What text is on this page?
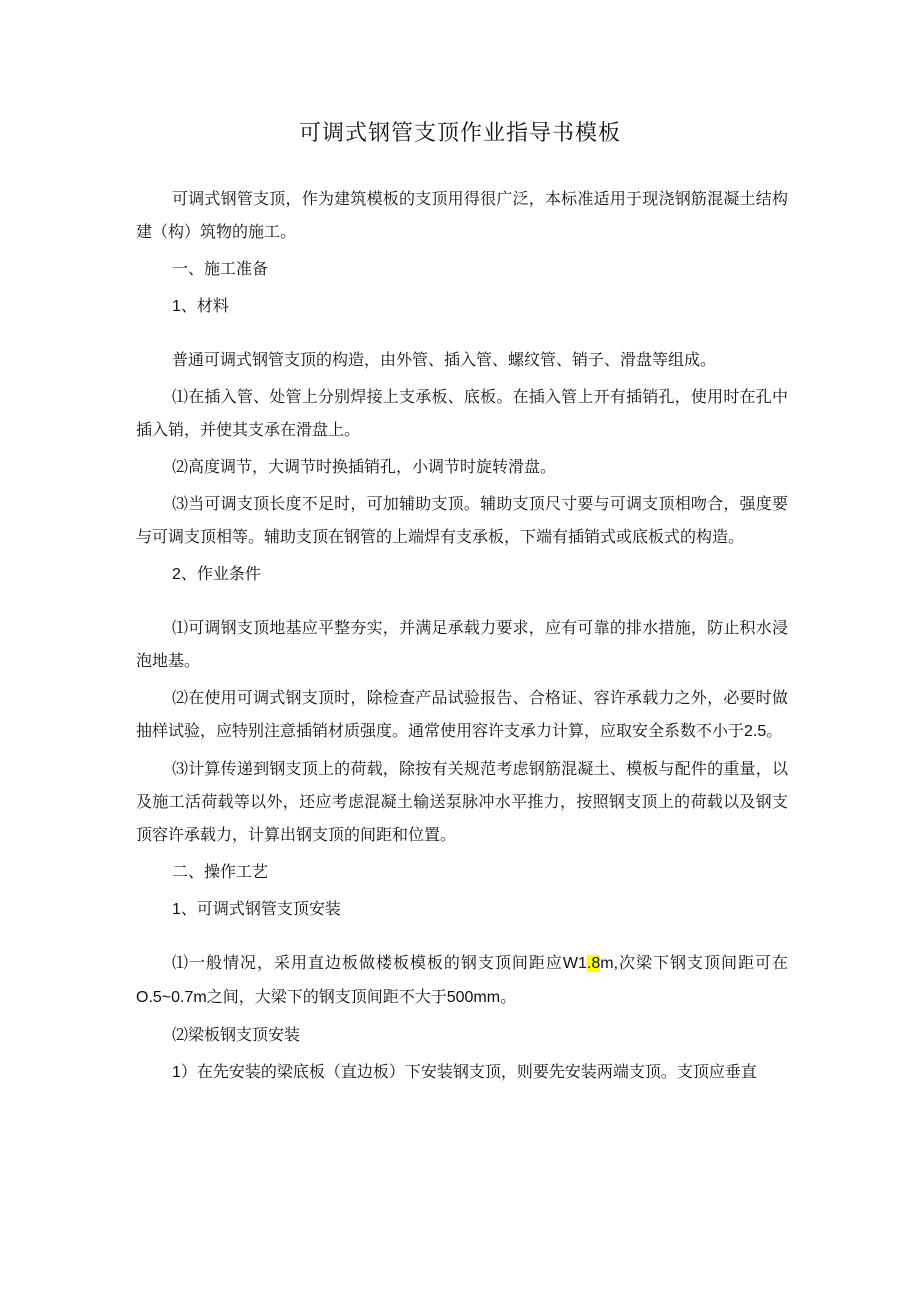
可调式钢管支顶作业指导书模板

可调式钢管支顶，作为建筑模板的支顶用得很广泛，本标准适用于现浇钢筋混凝土结构建（构）筑物的施工。

一、施工准备

1、材料

普通可调式钢管支顶的构造，由外管、插入管、螺纹管、销子、滑盘等组成。

⑴在插入管、处管上分别焊接上支承板、底板。在插入管上开有插销孔，使用时在孔中插入销，并使其支承在滑盘上。

⑵高度调节，大调节时换插销孔，小调节时旋转滑盘。

⑶当可调支顶长度不足时，可加辅助支顶。辅助支顶尺寸要与可调支顶相吻合，强度要与可调支顶相等。辅助支顶在钢管的上端焊有支承板，下端有插销式或底板式的构造。

2、作业条件

⑴可调钢支顶地基应平整夯实，并满足承载力要求，应有可靠的排水措施，防止积水浸泡地基。

⑵在使用可调式钢支顶时，除检查产品试验报告、合格证、容许承载力之外，必要时做抽样试验，应特别注意插销材质强度。通常使用容许支承力计算，应取安全系数不小于2.5。

⑶计算传递到钢支顶上的荷载，除按有关规范考虑钢筋混凝土、模板与配件的重量，以及施工活荷载等以外，还应考虑混凝土输送泵脉冲水平推力，按照钢支顶上的荷载以及钢支顶容许承载力，计算出钢支顶的间距和位置。

二、操作工艺

1、可调式钢管支顶安装

⑴一般情况，采用直边板做楼板模板的钢支顶间距应W1.8m,次梁下钢支顶间距可在O.5~0.7m之间，大梁下的钢支顶间距不大于500mm。

⑵梁板钢支顶安装

1）在先安装的梁底板（直边板）下安装钢支顶，则要先安装两端支顶。支顶应垂直
